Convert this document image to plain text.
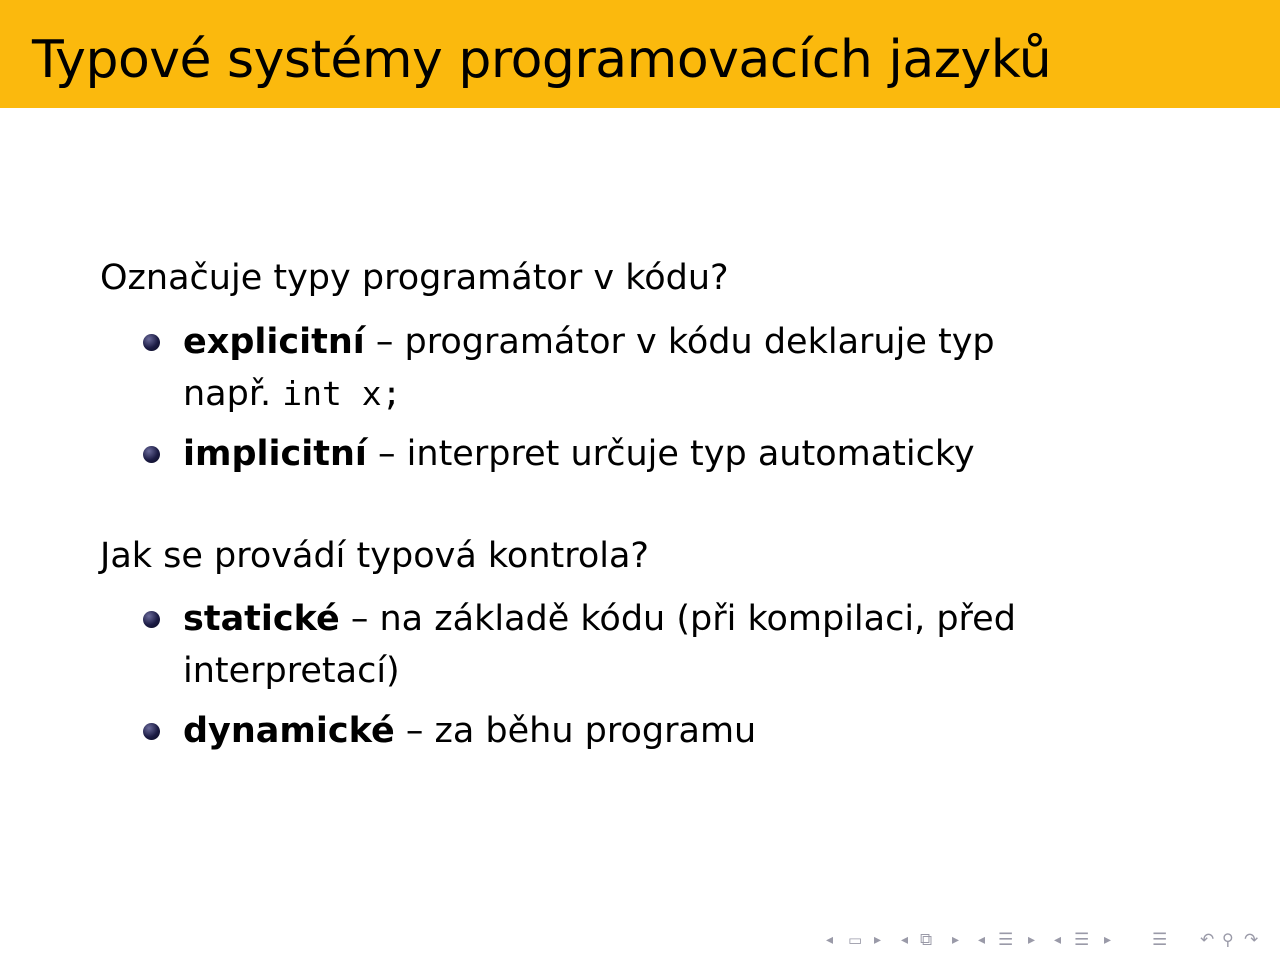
Typové systémy programovacích jazyků
Označuje typy programátor v kódu?
explicitní – programátor v kódu deklaruje typ
např. int x;
implicitní – interpret určuje typ automaticky
Jak se provádí typová kontrola?
statické – na základě kódu (při kompilaci, před
interpretací)
dynamické – za běhu programu
◂ ▭ ▸ ◂ ⧉ ▸ ◂ ☰ ▸ ◂ ☰ ▸ ☰ ↶ ⚲ ↷
